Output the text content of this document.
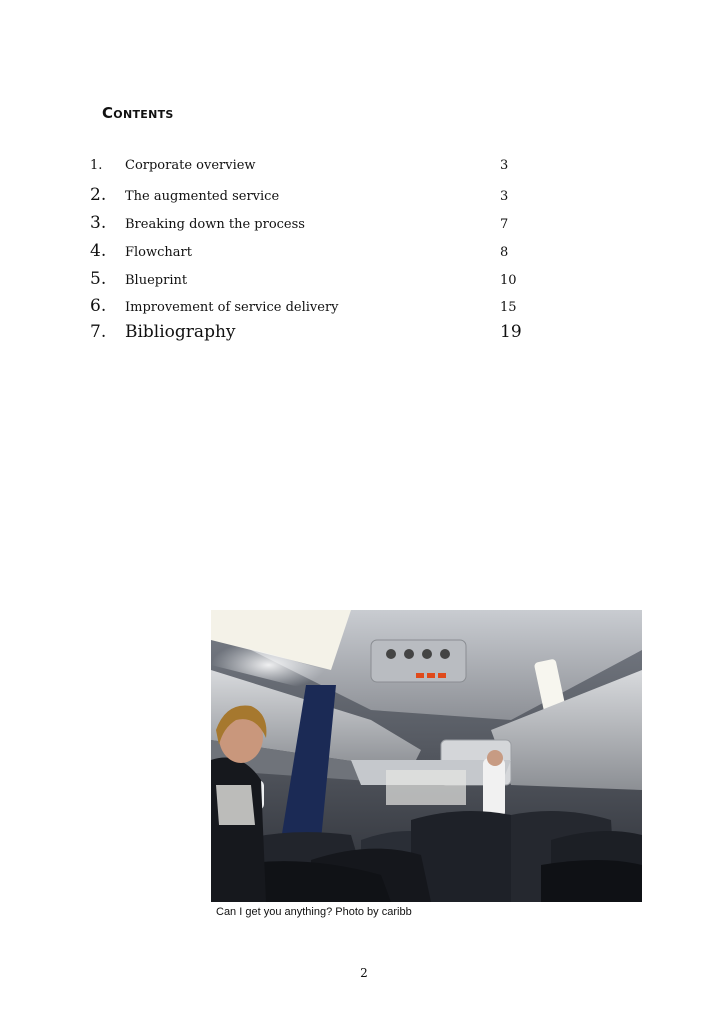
Contents
1.	Corporate overview	3
2.	The augmented service	3
3.	Breaking down the process	7
4.	Flowchart	8
5.	Blueprint	10
6.	Improvement of service delivery	15
7.	Bibliography	19
Can I get you anything? Photo by caribb
2
